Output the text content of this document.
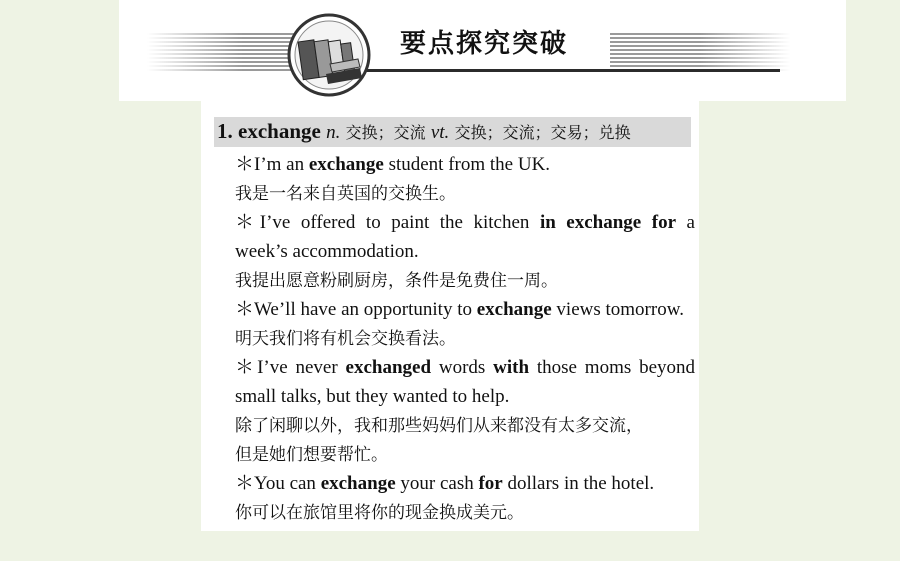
要点探究突破
1. exchange n. 交换；交流 vt. 交换；交流；交易；兑换
＊I’m an exchange student from the UK.
我是一名来自英国的交换生。
＊I’ve offered to paint the kitchen in exchange for a
week’s accommodation.
我提出愿意粉刷厨房，条件是免费住一周。
＊We’ll have an opportunity to exchange views tomorrow.
明天我们将有机会交换看法。
＊I’ve never exchanged words with those moms beyond
small talks, but they wanted to help.
除了闲聊以外，我和那些妈妈们从来都没有太多交流，
但是她们想要帮忙。
＊You can exchange your cash for dollars in the hotel.
你可以在旅馆里将你的现金换成美元。
